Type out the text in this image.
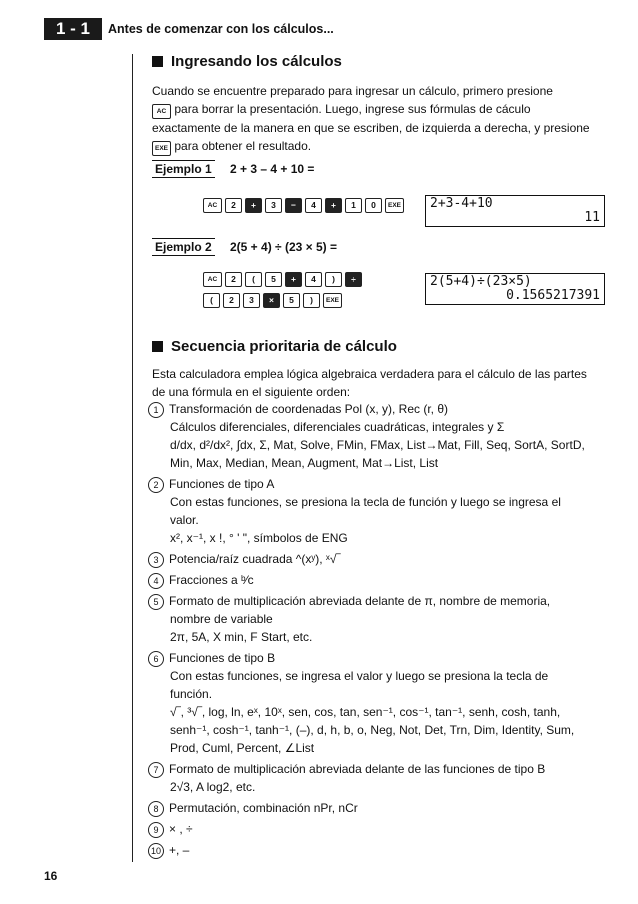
1 - 1	Antes de comenzar con los cálculos...
Ingresando los cálculos
Cuando se encuentre preparado para ingresar un cálculo, primero presione
AC para borrar la presentación. Luego, ingrese sus fórmulas de cáculo
exactamente de la manera en que se escriben, de izquierda a derecha, y presione
EXE para obtener el resultado.
Ejemplo 1 2 + 3 – 4 + 10 =
AC	2	+	3	−	4	+	1	0	EXE 2+3-4+10
11
Ejemplo 2 2(5 + 4) ÷ (23 × 5) =
AC	2	(	5	+	4	)	÷
(	2	3	×	5	)	EXE
2(5+4)÷(23×5)
0.1565217391
Secuencia prioritaria de cálculo
Esta calculadora emplea lógica algebraica verdadera para el cálculo de las partes
de una fórmula en el siguiente orden:
1 Transformación de coordenadas Pol (x, y), Rec (r, θ)
Cálculos diferenciales, diferenciales cuadráticas, integrales y Σ
d/dx, d²/dx², ∫dx, Σ, Mat, Solve, FMin, FMax, List→Mat, Fill, Seq, SortA, SortD,
Min, Max, Median, Mean, Augment, Mat→List, List
2 Funciones de tipo A
Con estas funciones, se presiona la tecla de función y luego se ingresa el
valor.
x², x⁻¹, x !, ° ' ", símbolos de ENG
3 Potencia/raíz cuadrada ^(xʸ), ˣ√‾
4 Fracciones a ᵇ⁄c
5 Formato de multiplicación abreviada delante de π, nombre de memoria,
nombre de variable
2π, 5A, X min, F Start, etc.
6 Funciones de tipo B
Con estas funciones, se ingresa el valor y luego se presiona la tecla de
función.
√‾, ³√‾, log, ln, eˣ, 10ˣ, sen, cos, tan, sen⁻¹, cos⁻¹, tan⁻¹, senh, cosh, tanh,
senh⁻¹, cosh⁻¹, tanh⁻¹, (–), d, h, b, o, Neg, Not, Det, Trn, Dim, Identity, Sum,
Prod, Cuml, Percent, ∠List
7 Formato de multiplicación abreviada delante de las funciones de tipo B
2√3, A log2, etc.
8 Permutación, combinación nPr, nCr
9 × , ÷
10 +, –
16
